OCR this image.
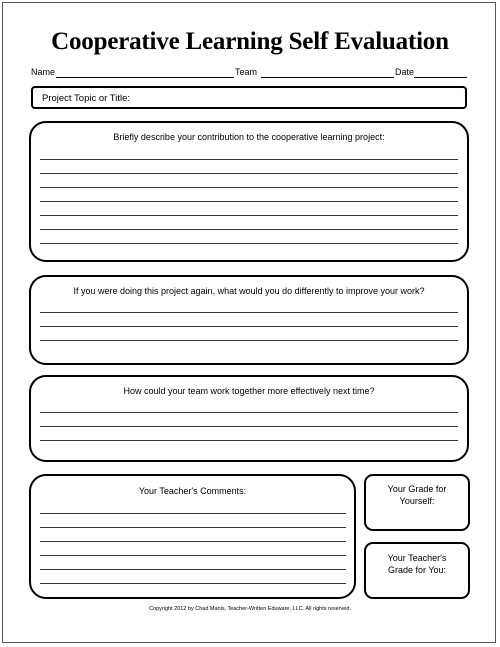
Cooperative Learning Self Evaluation
Name	Team	Date
Project Topic or Title:
Briefly describe your contribution to the cooperative learning project:
If you were doing this project again, what would you do differently to improve your work?
How could your team work together more effectively next time?
Your Teacher's Comments:	Your Grade for
Yourself:
Your Teacher's
Grade for You:
Copyright 2012 by Chad Manis, Teacher-Written Eduware, LLC. All rights reserved.
